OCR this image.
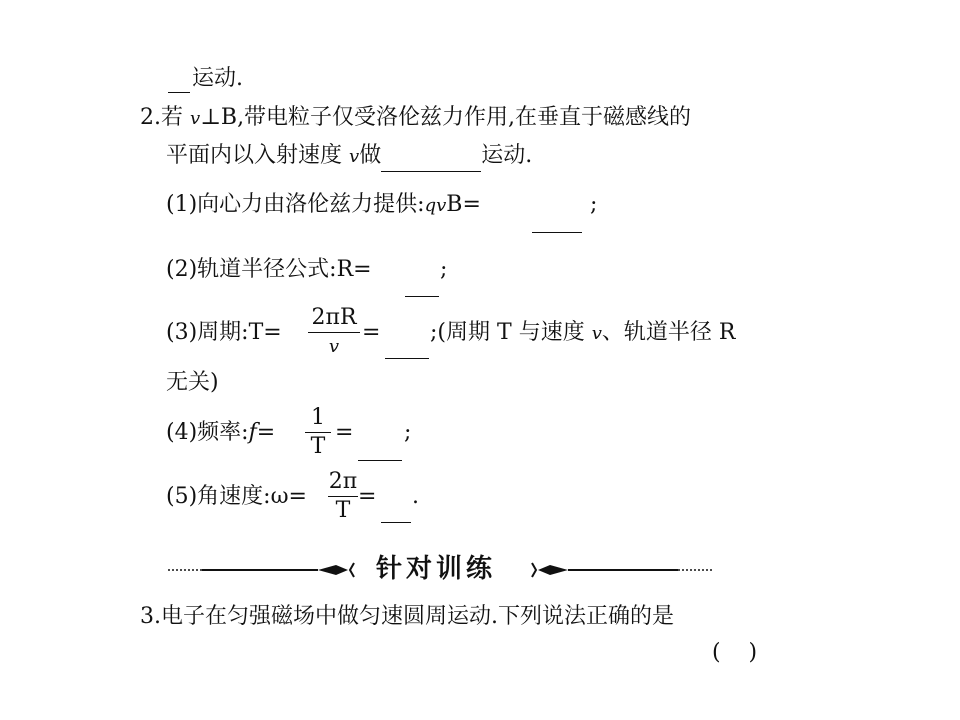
运动.
2.若 v⊥B,带电粒子仅受洛伦兹力作用,在垂直于磁感线的
平面内以入射速度 v做	运动.
(1)向心力由洛伦兹力提供:qvB=	;
(2)轨道半径公式:R=	;
(3)周期:T=
2πR
v
= ;(周期 T 与速度 v、轨道半径 R
无关)
(4)频率:f=
1
T
= ;
(5)角速度:ω=
2π
T
= .
针对训练
3.电子在匀强磁场中做匀速圆周运动.下列说法正确的是
(    )
